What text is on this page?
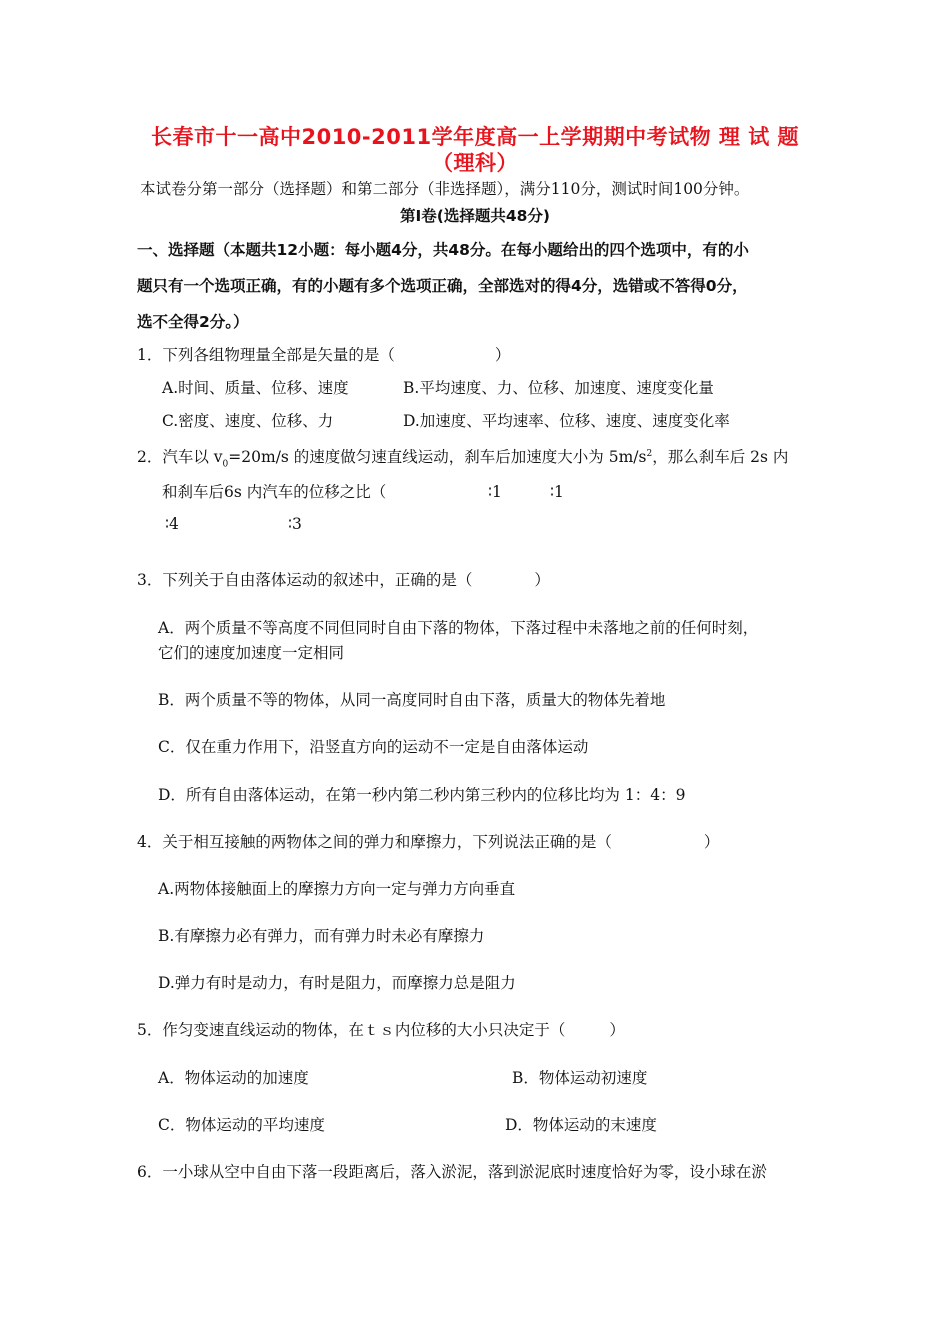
长春市十一高中2010-2011学年度高一上学期期中考试物 理 试 题
（理科）
本试卷分第一部分（选择题）和第二部分（非选择题），满分110分，测试时间100分钟。
第Ⅰ卷(选择题共48分)
一、选择题（本题共12小题：每小题4分，共48分。在每小题给出的四个选项中，有的小
题只有一个选项正确，有的小题有多个选项正确，全部选对的得4分，选错或不答得0分，
选不全得2分。）
1．下列各组物理量全部是矢量的是（	）
A.时间、质量、位移、速度	B.平均速度、力、位移、加速度、速度变化量
C.密度、速度、位移、力	D.加速度、平均速率、位移、速度、速度变化率
2．汽车以 $v_0=20m/s$ 的速度做匀速直线运动，刹车后加速度大小为 $5m/s^2$，那么刹车后 2s 内
和刹车后6s 内汽车的位移之比（	∶1	∶1
∶4	∶3
3．下列关于自由落体运动的叙述中，正确的是（	）
A．两个质量不等高度不同但同时自由下落的物体，下落过程中未落地之前的任何时刻，
它们的速度加速度一定相同
B．两个质量不等的物体，从同一高度同时自由下落，质量大的物体先着地
C．仅在重力作用下，沿竖直方向的运动不一定是自由落体运动
D．所有自由落体运动，在第一秒内第二秒内第三秒内的位移比均为 1：4：9
4．关于相互接触的两物体之间的弹力和摩擦力，下列说法正确的是（	）
A.两物体接触面上的摩擦力方向一定与弹力方向垂直
B.有摩擦力必有弹力，而有弹力时未必有摩擦力
D.弹力有时是动力，有时是阻力，而摩擦力总是阻力
5．作匀变速直线运动的物体，在ｔｓ内位移的大小只决定于（	）
A．物体运动的加速度	B．物体运动初速度
C．物体运动的平均速度	D．物体运动的末速度
6．一小球从空中自由下落一段距离后，落入淤泥，落到淤泥底时速度恰好为零，设小球在淤
